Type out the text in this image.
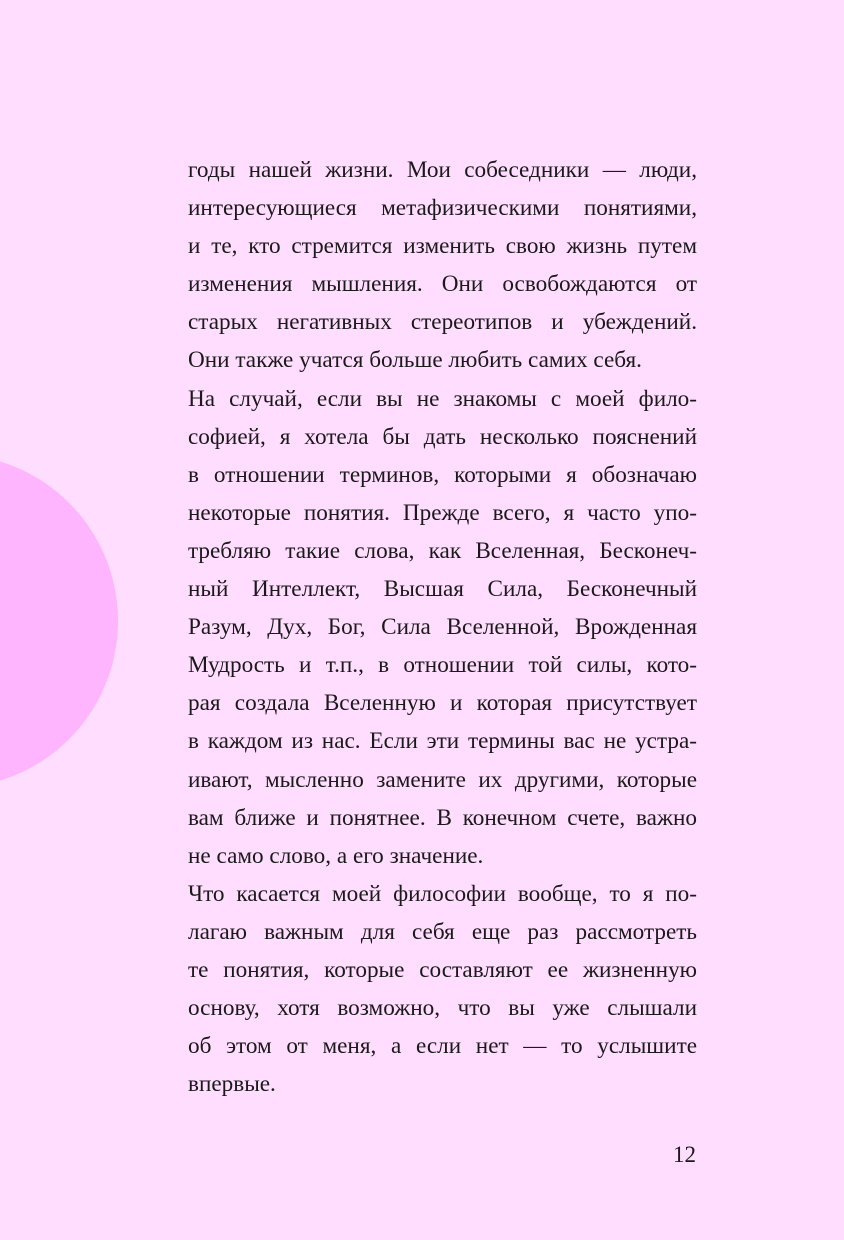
годы нашей жизни. Мои собеседники — люди,
интересующиеся метафизическими понятиями,
и те, кто стремится изменить свою жизнь путем
изменения мышления. Они освобождаются от
старых негативных стереотипов и убеждений.
Они также учатся больше любить самих себя.
На случай, если вы не знакомы с моей фило-
софией, я хотела бы дать несколько пояснений
в отношении терминов, которыми я обозначаю
некоторые понятия. Прежде всего, я часто упо-
требляю такие слова, как Вселенная, Бесконеч-
ный Интеллект, Высшая Сила, Бесконечный
Разум, Дух, Бог, Сила Вселенной, Врожденная
Мудрость и т.п., в отношении той силы, кото-
рая создала Вселенную и которая присутствует
в каждом из нас. Если эти термины вас не устра-
ивают, мысленно замените их другими, которые
вам ближе и понятнее. В конечном счете, важно
не само слово, а его значение.
Что касается моей философии вообще, то я по-
лагаю важным для себя еще раз рассмотреть
те понятия, которые составляют ее жизненную
основу, хотя возможно, что вы уже слышали
об этом от меня, а если нет — то услышите
впервые.
12
